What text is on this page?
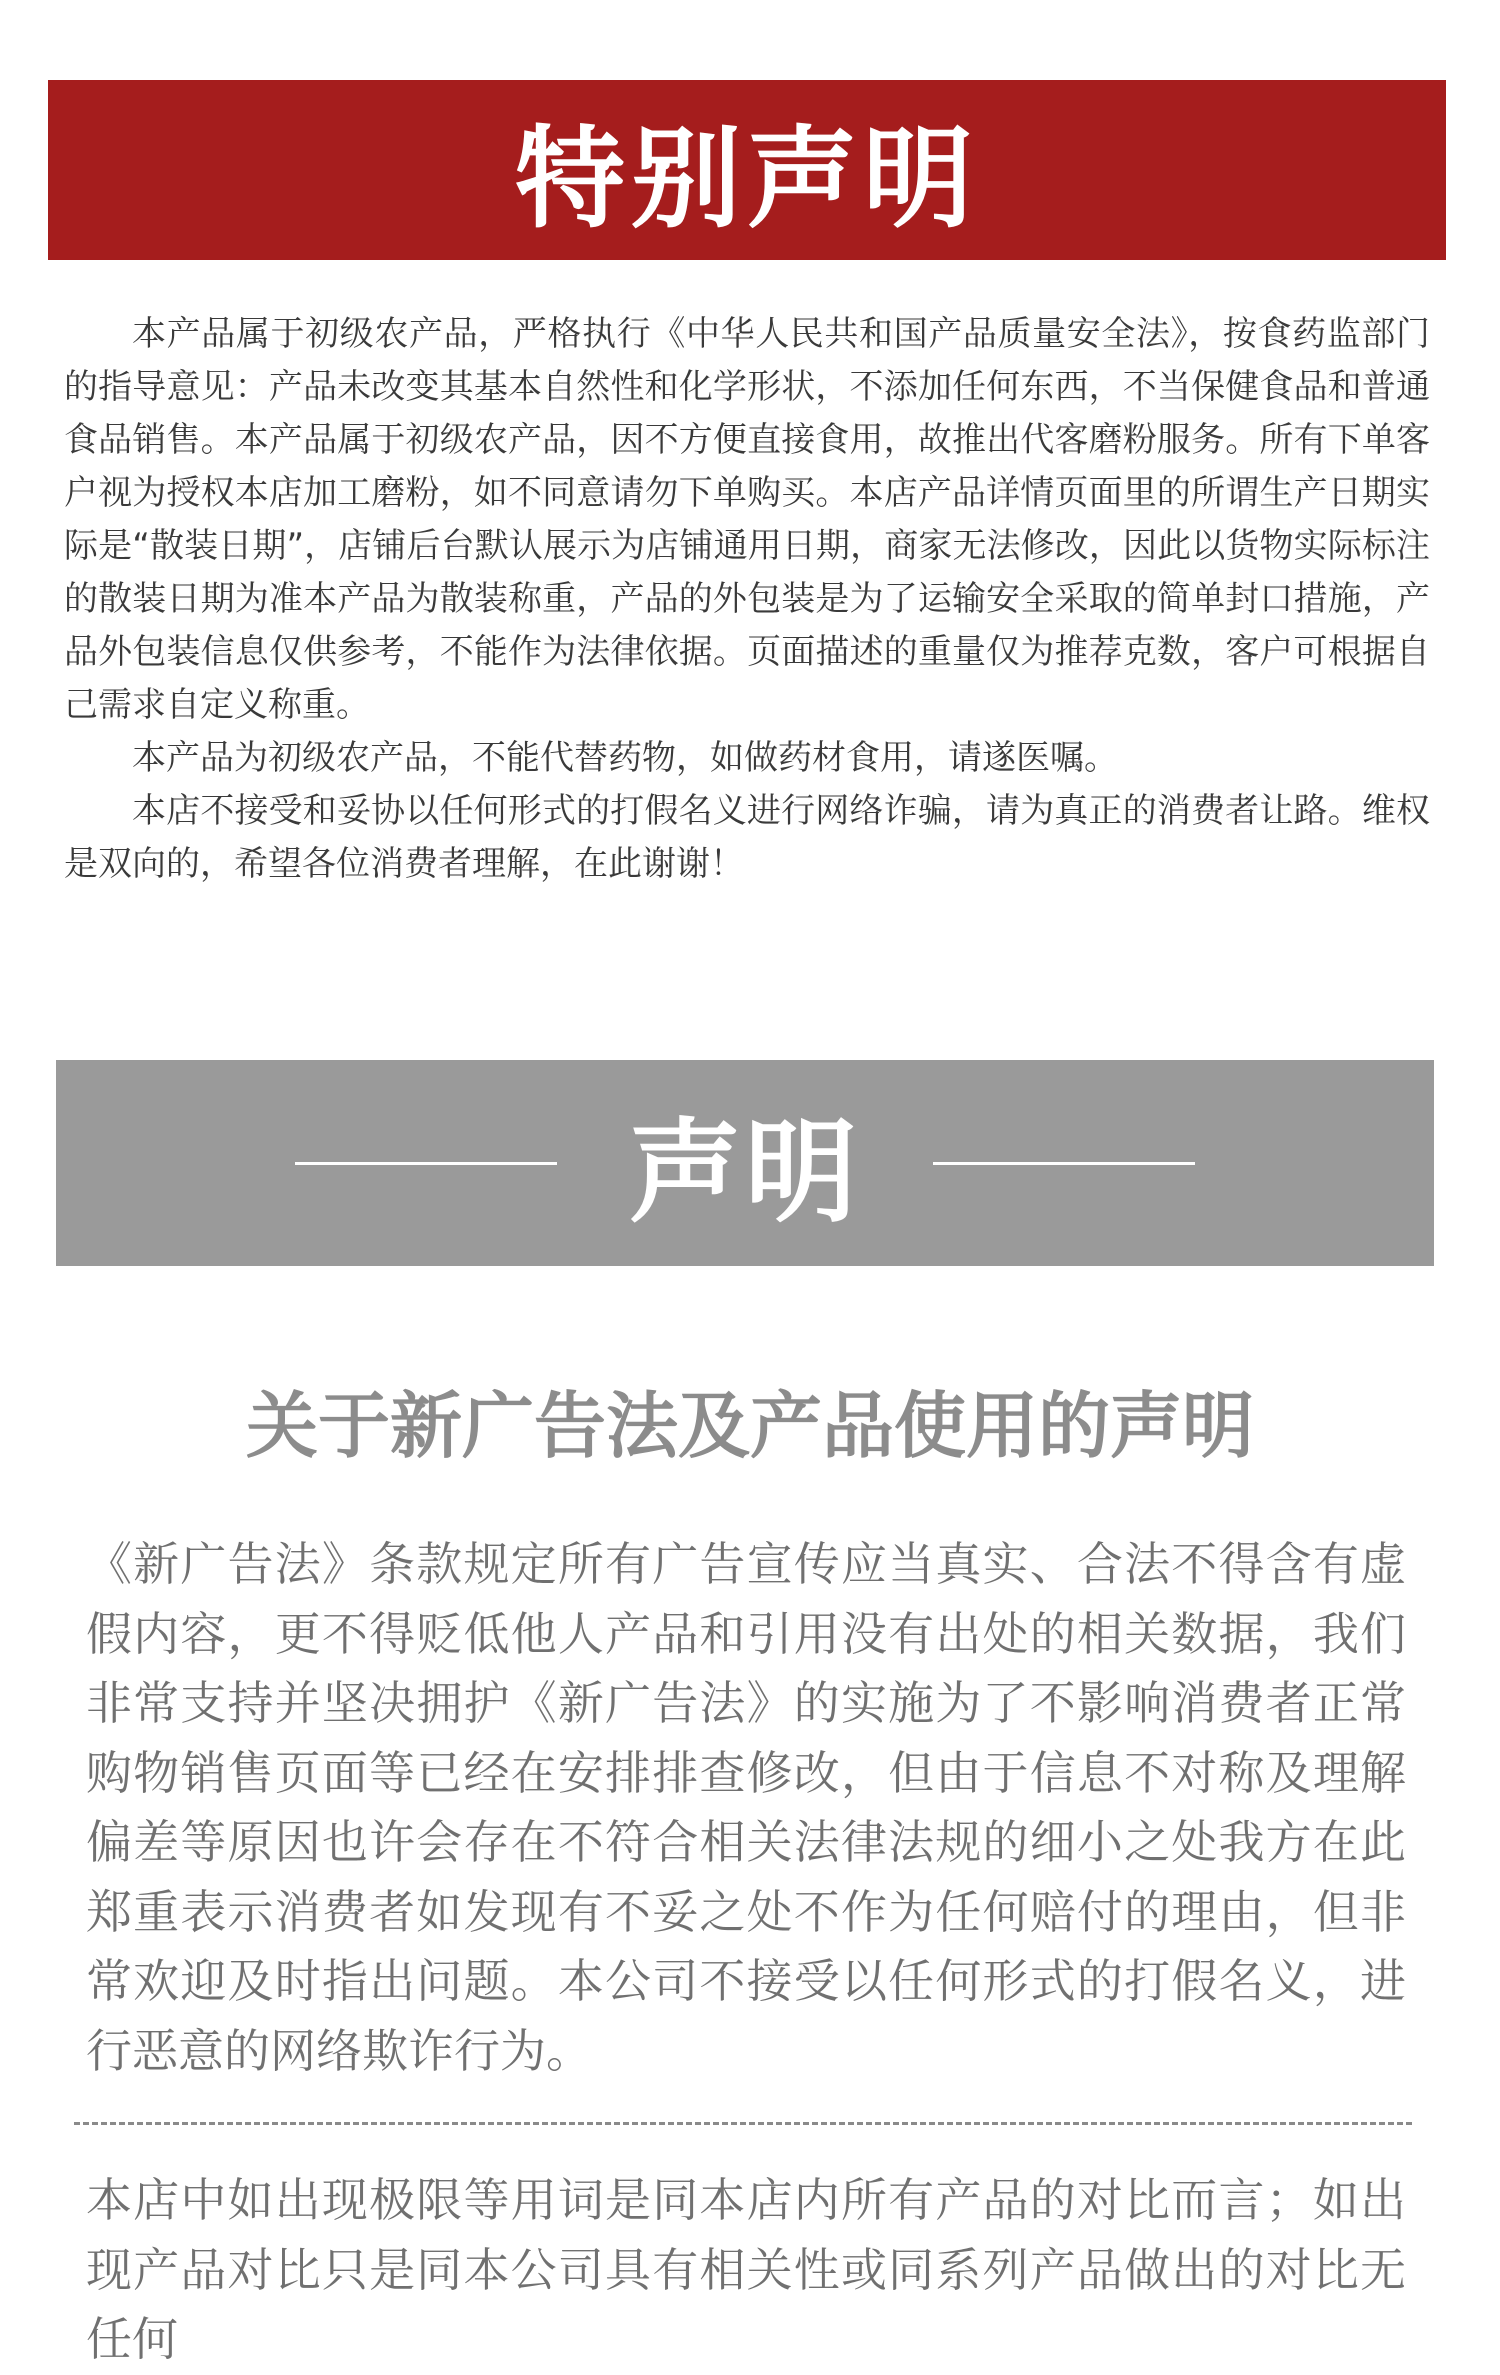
特别声明

本产品属于初级农产品，严格执行《中华人民共和国产品质量安全法》，按食药监部门的指导意见：产品未改变其基本自然性和化学形状，不添加任何东西，不当保健食品和普通食品销售。本产品属于初级农产品，因不方便直接食用，故推出代客磨粉服务。所有下单客户视为授权本店加工磨粉，如不同意请勿下单购买。本店产品详情页面里的所谓生产日期实际是“散装日期”，店铺后台默认展示为店铺通用日期，商家无法修改，因此以货物实际标注的散装日期为准本产品为散装称重，产品的外包装是为了运输安全采取的简单封口措施，产品外包装信息仅供参考，不能作为法律依据。页面描述的重量仅为推荐克数，客户可根据自己需求自定义称重。

本产品为初级农产品，不能代替药物，如做药材食用，请遂医嘱。

本店不接受和妥协以任何形式的打假名义进行网络诈骗，请为真正的消费者让路。维权是双向的，希望各位消费者理解，在此谢谢！

声明
关于新广告法及产品使用的声明

《新广告法》条款规定所有广告宣传应当真实、合法不得含有虚假内容，更不得贬低他人产品和引用没有出处的相关数据，我们非常支持并坚决拥护《新广告法》的实施为了不影响消费者正常购物销售页面等已经在安排排查修改，但由于信息不对称及理解偏差等原因也许会存在不符合相关法律法规的细小之处我方在此郑重表示消费者如发现有不妥之处不作为任何赔付的理由，但非常欢迎及时指出问题。本公司不接受以任何形式的打假名义，进行恶意的网络欺诈行为。

本店中如出现极限等用词是同本店内所有产品的对比而言；如出现产品对比只是同本公司具有相关性或同系列产品做出的对比无任何
